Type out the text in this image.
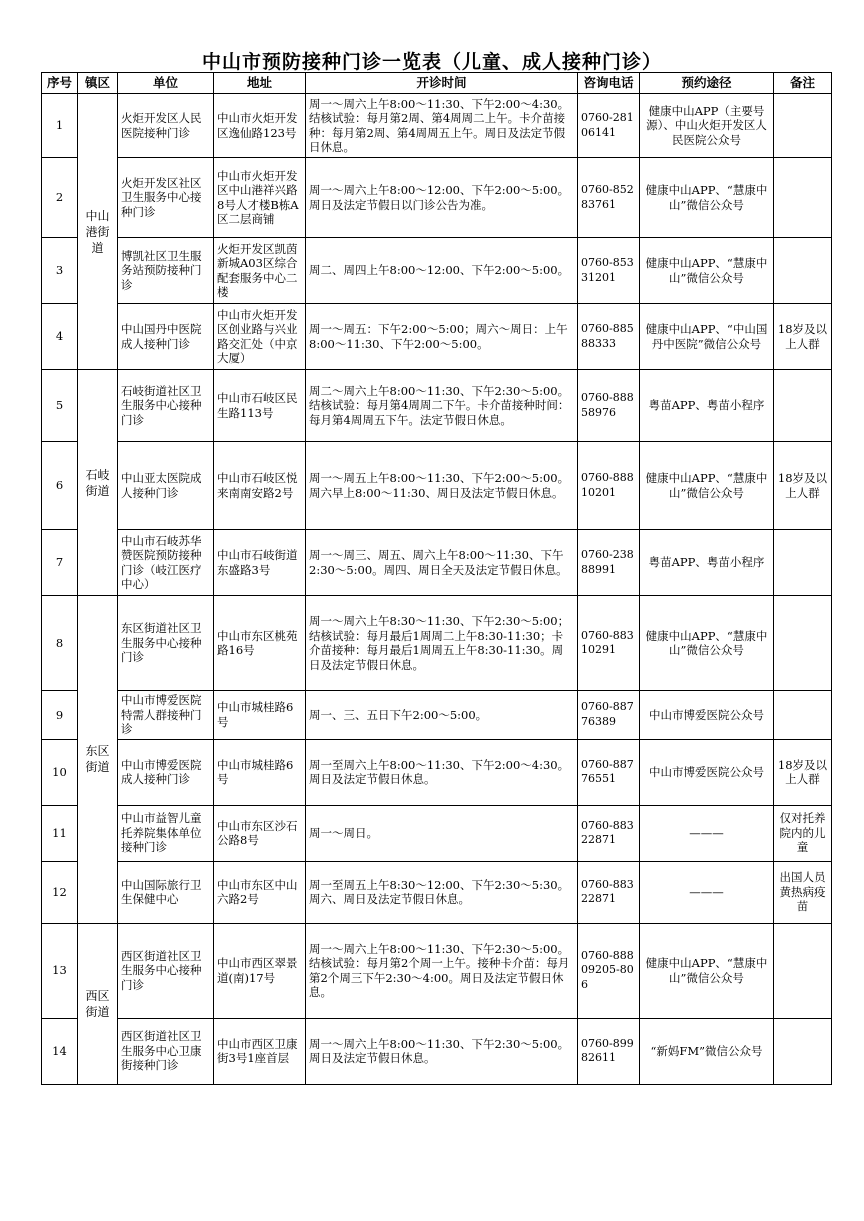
中山市预防接种门诊一览表（儿童、成人接种门诊）
序号	镇区	单位	地址	开诊时间	咨询电话	预约途径	备注
1	中山港街道	火炬开发区人民医院接种门诊	中山市火炬开发区逸仙路123号	周一～周六上午8:00～11:30、下午2:00～4:30。结核试验：每月第2周、第4周周二上午。卡介苗接种：每月第2周、第4周周五上午。周日及法定节假日休息。	0760-28106141	健康中山APP（主要号源）、中山火炬开发区人民医院公众号	
2		火炬开发区社区卫生服务中心接种门诊	中山市火炬开发区中山港祥兴路8号人才楼B栋A区二层商铺	周一～周六上午8:00～12:00、下午2:00～5:00。周日及法定节假日以门诊公告为准。	0760-85283761	健康中山APP、“慧康中山”微信公众号	
3		博凯社区卫生服务站预防接种门诊	火炬开发区凯茵新城A03区综合配套服务中心二楼	周二、周四上午8:00～12:00、下午2:00～5:00。	0760-85331201	健康中山APP、“慧康中山”微信公众号	
4		中山国丹中医院成人接种门诊	中山市火炬开发区创业路与兴业路交汇处（中京大厦）	周一～周五：下午2:00～5:00；周六～周日：上午8:00～11:30、下午2:00～5:00。	0760-88588333	健康中山APP、“中山国丹中医院”微信公众号	18岁及以上人群
5	石岐街道	石岐街道社区卫生服务中心接种门诊	中山市石岐区民生路113号	周二～周六上午8:00～11:30、下午2:30～5:00。结核试验：每月第4周周二下午。卡介苗接种时间：每月第4周周五下午。法定节假日休息。	0760-88858976	粤苗APP、粤苗小程序	
6		中山亚太医院成人接种门诊	中山市石岐区悦来南南安路2号	周一～周五上午8:00～11:30、下午2:00～5:00。周六早上8:00～11:30、周日及法定节假日休息。	0760-88810201	健康中山APP、“慧康中山”微信公众号	18岁及以上人群
7		中山市石岐苏华赞医院预防接种门诊（岐江医疗中心）	中山市石岐街道东盛路3号	周一～周三、周五、周六上午8:00～11:30、下午2:30～5:00。周四、周日全天及法定节假日休息。	0760-23888991	粤苗APP、粤苗小程序	
8	东区街道	东区街道社区卫生服务中心接种门诊	中山市东区桃苑路16号	周一～周六上午8:30～11:30、下午2:30～5:00；结核试验：每月最后1周周二上午8:30-11:30；卡介苗接种：每月最后1周周五上午8:30-11:30。周日及法定节假日休息。	0760-88310291	健康中山APP、“慧康中山”微信公众号	
9		中山市博爱医院特需人群接种门诊	中山市城桂路6号	周一、三、五日下午2:00～5:00。	0760-88776389	中山市博爱医院公众号	
10		中山市博爱医院成人接种门诊	中山市城桂路6号	周一至周六上午8:00～11:30、下午2:00～4:30。周日及法定节假日休息。	0760-88776551	中山市博爱医院公众号	18岁及以上人群
11		中山市益智儿童托养院集体单位接种门诊	中山市东区沙石公路8号	周一～周日。	0760-88322871	———	仅对托养院内的儿童
12		中山国际旅行卫生保健中心	中山市东区中山六路2号	周一至周五上午8:30～12:00、下午2:30～5:30。周六、周日及法定节假日休息。	0760-88322871	———	出国人员黄热病疫苗
13	西区街道	西区街道社区卫生服务中心接种门诊	中山市西区翠景道(南)17号	周一～周六上午8:00～11:30、下午2:30～5:00。结核试验：每月第2个周一上午。接种卡介苗：每月第2个周三下午2:30～4:00。周日及法定节假日休息。	0760-88809205-806	健康中山APP、“慧康中山”微信公众号	
14		西区街道社区卫生服务中心卫康街接种门诊	中山市西区卫康街3号1座首层	周一～周六上午8:00～11:30、下午2:30～5:00。周日及法定节假日休息。	0760-89982611	“新妈FM”微信公众号	
